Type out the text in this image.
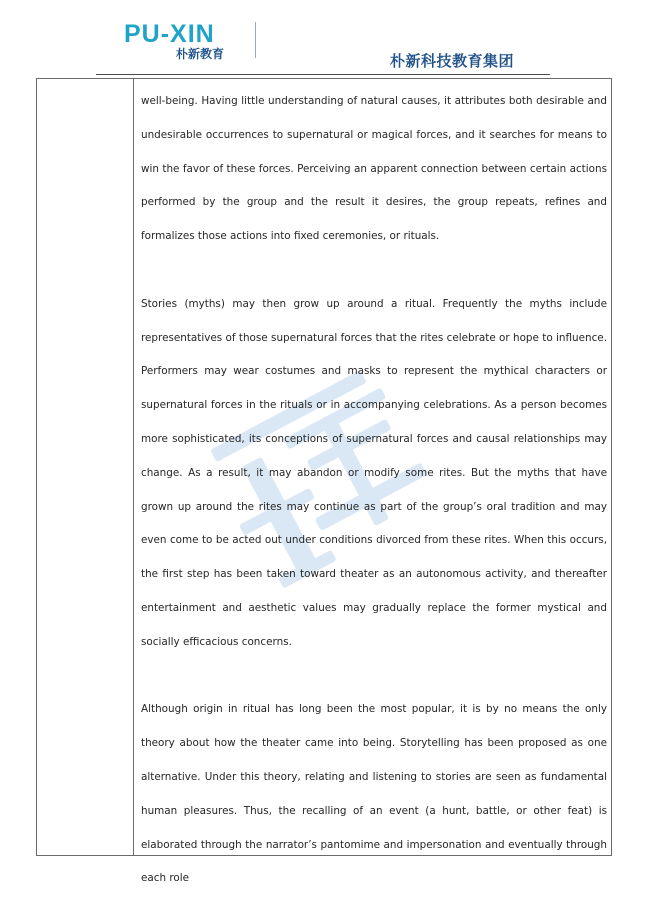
PU-XIN
朴新教育	朴新科技教育集团

well-being. Having little understanding of natural causes, it attributes both desirable and undesirable occurrences to supernatural or magical forces, and it searches for means to win the favor of these forces. Perceiving an apparent connection between certain actions performed by the group and the result it desires, the group repeats, refines and formalizes those actions into fixed ceremonies, or rituals.

Stories (myths) may then grow up around a ritual. Frequently the myths include representatives of those supernatural forces that the rites celebrate or hope to influence. Performers may wear costumes and masks to represent the mythical characters or supernatural forces in the rituals or in accompanying celebrations. As a person becomes more sophisticated, its conceptions of supernatural forces and causal relationships may change. As a result, it may abandon or modify some rites. But the myths that have grown up around the rites may continue as part of the group’s oral tradition and may even come to be acted out under conditions divorced from these rites. When this occurs, the first step has been taken toward theater as an autonomous activity, and thereafter entertainment and aesthetic values may gradually replace the former mystical and socially efficacious concerns.

Although origin in ritual has long been the most popular, it is by no means the only theory about how the theater came into being. Storytelling has been proposed as one alternative. Under this theory, relating and listening to stories are seen as fundamental human pleasures. Thus, the recalling of an event (a hunt, battle, or other feat) is elaborated through the narrator’s pantomime and impersonation and eventually through each role
